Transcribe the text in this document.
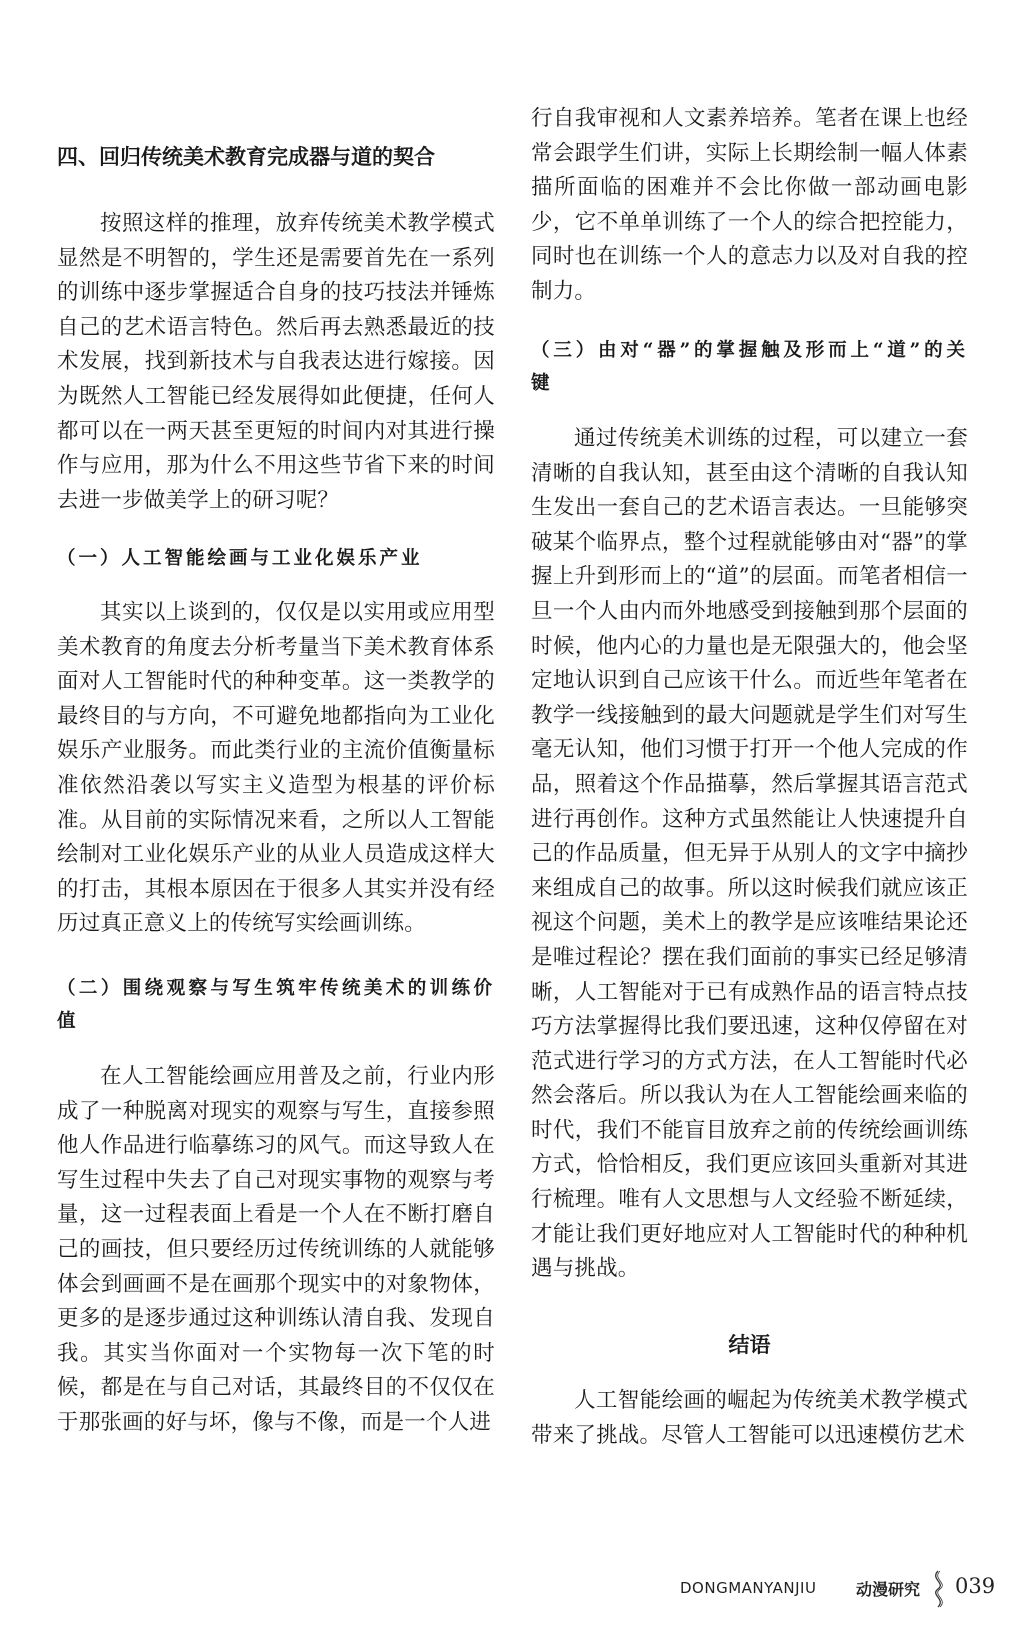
四、回归传统美术教育完成器与道的契合

按照这样的推理，放弃传统美术教学模式显然是不明智的，学生还是需要首先在一系列的训练中逐步掌握适合自身的技巧技法并锤炼自己的艺术语言特色。然后再去熟悉最近的技术发展，找到新技术与自我表达进行嫁接。因为既然人工智能已经发展得如此便捷，任何人都可以在一两天甚至更短的时间内对其进行操作与应用，那为什么不用这些节省下来的时间去进一步做美学上的研习呢？

（一）人工智能绘画与工业化娱乐产业

其实以上谈到的，仅仅是以实用或应用型美术教育的角度去分析考量当下美术教育体系面对人工智能时代的种种变革。这一类教学的最终目的与方向，不可避免地都指向为工业化娱乐产业服务。而此类行业的主流价值衡量标准依然沿袭以写实主义造型为根基的评价标准。从目前的实际情况来看，之所以人工智能绘制对工业化娱乐产业的从业人员造成这样大的打击，其根本原因在于很多人其实并没有经历过真正意义上的传统写实绘画训练。

（二）围绕观察与写生筑牢传统美术的训练价值

在人工智能绘画应用普及之前，行业内形成了一种脱离对现实的观察与写生，直接参照他人作品进行临摹练习的风气。而这导致人在写生过程中失去了自己对现实事物的观察与考量，这一过程表面上看是一个人在不断打磨自己的画技，但只要经历过传统训练的人就能够体会到画画不是在画那个现实中的对象物体，更多的是逐步通过这种训练认清自我、发现自我。其实当你面对一个实物每一次下笔的时候，都是在与自己对话，其最终目的不仅仅在于那张画的好与坏，像与不像，而是一个人进

行自我审视和人文素养培养。笔者在课上也经常会跟学生们讲，实际上长期绘制一幅人体素描所面临的困难并不会比你做一部动画电影少，它不单单训练了一个人的综合把控能力，同时也在训练一个人的意志力以及对自我的控制力。

（三）由对“器”的掌握触及形而上“道”的关键

通过传统美术训练的过程，可以建立一套清晰的自我认知，甚至由这个清晰的自我认知生发出一套自己的艺术语言表达。一旦能够突破某个临界点，整个过程就能够由对“器”的掌握上升到形而上的“道”的层面。而笔者相信一旦一个人由内而外地感受到接触到那个层面的时候，他内心的力量也是无限强大的，他会坚定地认识到自己应该干什么。而近些年笔者在教学一线接触到的最大问题就是学生们对写生毫无认知，他们习惯于打开一个他人完成的作品，照着这个作品描摹，然后掌握其语言范式进行再创作。这种方式虽然能让人快速提升自己的作品质量，但无异于从别人的文字中摘抄来组成自己的故事。所以这时候我们就应该正视这个问题，美术上的教学是应该唯结果论还是唯过程论？摆在我们面前的事实已经足够清晰，人工智能对于已有成熟作品的语言特点技巧方法掌握得比我们要迅速，这种仅停留在对范式进行学习的方式方法，在人工智能时代必然会落后。所以我认为在人工智能绘画来临的时代，我们不能盲目放弃之前的传统绘画训练方式，恰恰相反，我们更应该回头重新对其进行梳理。唯有人文思想与人文经验不断延续，才能让我们更好地应对人工智能时代的种种机遇与挑战。

结语

人工智能绘画的崛起为传统美术教学模式带来了挑战。尽管人工智能可以迅速模仿艺术

DONGMANYANJIU 动漫研究 039
